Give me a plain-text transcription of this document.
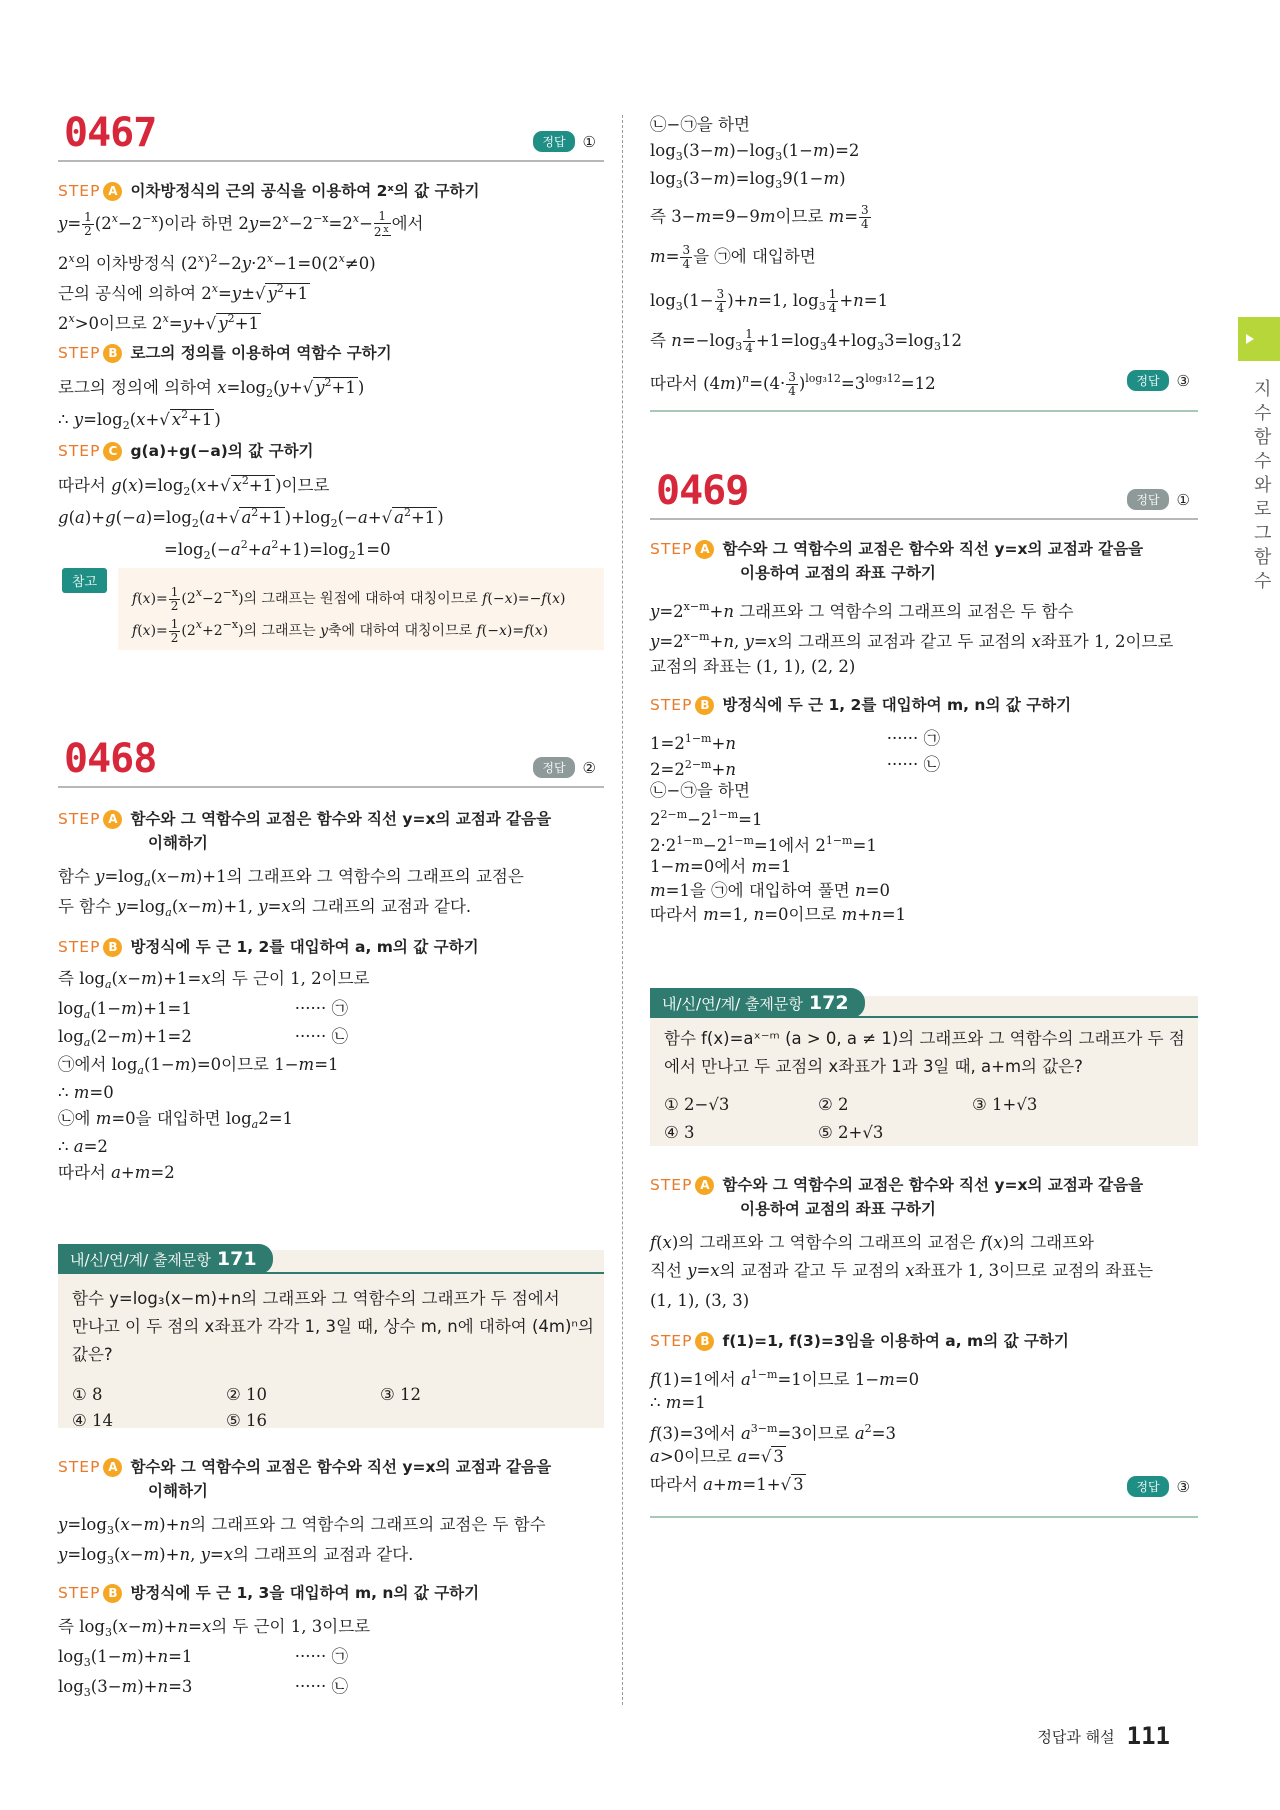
0467	정답	①
STEP A 이차방정식의 근의 공식을 이용하여 2ˣ의 값 구하기
$y= \frac{1}{2} (2^x-2^{-x})$이라 하면 $2y=2^x-2^{-x}=2^x- \frac{1}{2 ^x}$ 에서
2$^x$의 이차방정식 $(2^x)^2-2y\cdot 2^x-1=0(2^x\ne 0)$
근의 공식에 의하여 $2^x=y\pm√$ $y^2+1$
$2^x>0$이므로 $2^x=y+√$ $y^2+1$
STEP B 로그의 정의를 이용하여 역함수 구하기
로그의 정의에 의하여 $x=\log_2(y+√$ $y^2+1$ )
∴ $y=\log_2(x+√$ $x^2+1$ )
STEP C g(a)+g(−a)의 값 구하기
따라서 $g(x)=\log_2(x+√$ $x^2+1$ )이므로
$g(a)+g(-a)=\log_2(a+√$ $a^2+1$ )$+\log_2(-a+√$ $a^2+1$ )
$=\log_2(-a^2+a^2+1)=\log_21=0$
참고
$f(x)= \frac{1}{2} (2^x-2^{-x})$의 그래프는 원점에 대하여 대칭이므로 f(−x)=−f(x)
$f(x)= \frac{1}{2} (2^x+2^{-x})$의 그래프는 y축에 대하여 대칭이므로 f(−x)=f(x)
0468	정답	②
STEP A 함수와 그 역함수의 교점은 함수와 직선 y=x의 교점과 같음을
이해하기
함수 $y=\log_a(x-m)+1$의 그래프와 그 역함수의 그래프의 교점은
두 함수 $y=\log_a(x-m)+1$, y=x의 그래프의 교점과 같다.
STEP B 방정식에 두 근 1, 2를 대입하여 a, m의 값 구하기
즉 $\log_a(x-m)+1=x$의 두 근이 1, 2이므로
$\log_a(1-m)+1=1$	······ ㉠
$\log_a(2-m)+1=2$	······ ㉡
㉠에서 $\log_a(1-m)=0$이므로 1−m=1
∴ m=0
㉡에 m=0을 대입하면 $\log_a2=1$
∴ a=2
따라서 a+m=2
내/신/연/계/ 출제문항 171
함수 y=log₃(x−m)+n의 그래프와 그 역함수의 그래프가 두 점에서
만나고 이 두 점의 x좌표가 각각 1, 3일 때, 상수 m, n에 대하여 (4m)ⁿ의
값은?
① 8	② 10	③ 12
④ 14	⑤ 16
STEP A 함수와 그 역함수의 교점은 함수와 직선 y=x의 교점과 같음을
이해하기
$y=\log_3(x-m)+n$의 그래프와 그 역함수의 그래프의 교점은 두 함수
$y=\log_3(x-m)+n$, y=x의 그래프의 교점과 같다.
STEP B 방정식에 두 근 1, 3을 대입하여 m, n의 값 구하기
즉 $\log_3(x-m)+n=x$의 두 근이 1, 3이므로
$\log_3(1-m)+n=1$	······ ㉠
$\log_3(3-m)+n=3$	······ ㉡
㉡−㉠을 하면
$\log_3(3-m)-\log_3(1-m)=2$
$\log_3(3-m)=\log_39(1-m)$
즉 3−m=9−9m이므로 $m= \frac{3}{4}$
$m= \frac{3}{4}$ 을 ㉠에 대입하면
$\log_3(1- \frac{3}{4} )+n=1$, $\log_3 \frac{1}{4} +n=1$
즉 $n=-\log_3 \frac{1}{4} +1=\log_34+\log_33=\log_312$
따라서 $(4m)^n=(4\cdot \frac{3}{4} )^{log_312}=3^{log_312}=12$	정답	③
0469	정답	①
STEP A 함수와 그 역함수의 교점은 함수와 직선 y=x의 교점과 같음을
이용하여 교점의 좌표 구하기
$y=2^{x-m}+n$ 그래프와 그 역함수의 그래프의 교점은 두 함수
$y=2^{x-m}+n$, y=x의 그래프의 교점과 같고 두 교점의 x좌표가 1, 2이므로
교점의 좌표는 (1, 1), (2, 2)
STEP B 방정식에 두 근 1, 2를 대입하여 m, n의 값 구하기
$1=2^{1-m}+n$	······ ㉠
$2=2^{2-m}+n$	······ ㉡
㉡−㉠을 하면
$2^{2-m}-2^{1-m}=1$
$2\cdot 2^{1-m}-2^{1-m}=1$에서 $2^{1-m}=1$
1−m=0에서 m=1
m=1을 ㉠에 대입하여 풀면 n=0
따라서 m=1, n=0이므로 m+n=1
내/신/연/계/ 출제문항 172
함수 f(x)=aˣ⁻ᵐ (a > 0, a ≠ 1)의 그래프와 그 역함수의 그래프가 두 점
에서 만나고 두 교점의 x좌표가 1과 3일 때, a+m의 값은?
① 2−√3	② 2	③ 1+√3
④ 3	⑤ 2+√3
STEP A 함수와 그 역함수의 교점은 함수와 직선 y=x의 교점과 같음을
이용하여 교점의 좌표 구하기
f(x)의 그래프와 그 역함수의 그래프의 교점은 f(x)의 그래프와
직선 y=x의 교점과 같고 두 교점의 x좌표가 1, 3이므로 교점의 좌표는
(1, 1), (3, 3)
STEP B f(1)=1, f(3)=3임을 이용하여 a, m의 값 구하기
f(1)=1에서 $a^{1-m}=1$이므로 1−m=0
∴ m=1
f(3)=3에서 $a^{3-m}=3$이므로 $a^2=3$
a>0이므로 a=√ 3
따라서 a+m=1+√ 3	정답	③
지수함수와로그함수
정답과 해설 111
